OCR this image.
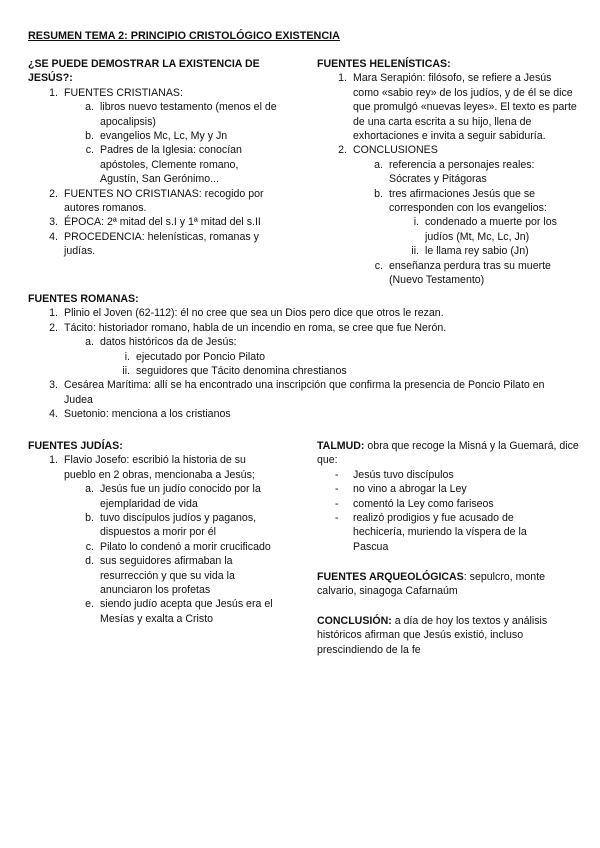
RESUMEN TEMA 2: PRINCIPIO CRISTOLÓGICO EXISTENCIA
¿SE PUEDE DEMOSTRAR LA EXISTENCIA DE JESÚS?:
1. FUENTES CRISTIANAS:
a. libros nuevo testamento (menos el de apocalipsis)
b. evangelios Mc, Lc, My y Jn
c. Padres de la Iglesia: conocían apóstoles, Clemente romano, Agustín, San Gerónimo...
2. FUENTES NO CRISTIANAS: recogido por autores romanos.
3. ÉPOCA: 2ª mitad del s.I y 1ª mitad del s.II
4. PROCEDENCIA: helenísticas, romanas y judías.
FUENTES HELENÍSTICAS:
1. Mara Serapión: filósofo, se refiere a Jesús como «sabio rey» de los judíos, y de él se dice que promulgó «nuevas leyes». El texto es parte de una carta escrita a su hijo, llena de exhortaciones e invita a seguir sabiduría.
2. CONCLUSIONES
a. referencia a personajes reales: Sócrates y Pitágoras
b. tres afirmaciones Jesús que se corresponden con los evangelios:
i. condenado a muerte por los judíos (Mt, Mc, Lc, Jn)
ii. le llama rey sabio (Jn)
c. enseñanza perdura tras su muerte (Nuevo Testamento)
FUENTES ROMANAS:
1. Plinio el Joven (62-112): él no cree que sea un Dios pero dice que otros le rezan.
2. Tácito: historiador romano, habla de un incendio en roma, se cree que fue Nerón.
a. datos históricos da de Jesús:
i. ejecutado por Poncio Pilato
ii. seguidores que Tácito denomina chrestianos
3. Cesárea Marítima: allí se ha encontrado una inscripción que confirma la presencia de Poncio Pilato en Judea
4. Suetonio: menciona a los cristianos
FUENTES JUDÍAS:
1. Flavio Josefo: escribió la historia de su pueblo en 2 obras, mencionaba a Jesús;
a. Jesús fue un judío conocido por la ejemplaridad de vida
b. tuvo discípulos judíos y paganos, dispuestos a morir por él
c. Pilato lo condenó a morir crucificado
d. sus seguidores afirmaban la resurrección y que su vida la anunciaron los profetas
e. siendo judío acepta que Jesús era el Mesías y exalta a Cristo
TALMUD: obra que recoge la Misná y la Guemará, dice que:
-	Jesús tuvo discípulos
-	no vino a abrogar la Ley
-	comentó la Ley como fariseos
-	realizó prodigios y fue acusado de hechicería, muriendo la víspera de la Pascua
FUENTES ARQUEOLÓGICAS: sepulcro, monte calvario, sinagoga Cafarnaúm
CONCLUSIÓN: a día de hoy los textos y análisis históricos afirman que Jesús existió, incluso prescindiendo de la fe
